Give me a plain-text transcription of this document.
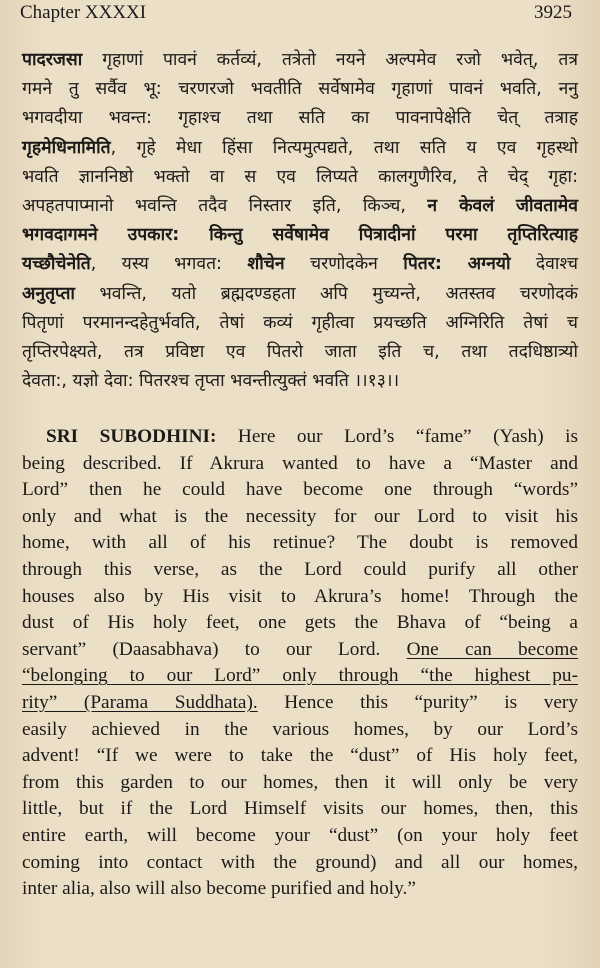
Chapter XXXXI	3925
पादरजसा गृहाणां पावनं कर्तव्यं, तत्रेतो नयने अल्पमेव रजो भवेत्, तत्र
गमने तु सर्वैव भू: चरणरजो भवतीति सर्वेषामेव गृहाणां पावनं भवति, ननु
भगवदीया भवन्त: गृहाश्च तथा सति का पावनापेक्षेति चेत् तत्राह
गृहमेधिनामिति, गृहे मेधा हिंसा नित्यमुत्पद्यते, तथा सति य एव गृहस्थो
भवति ज्ञाननिष्ठो भक्तो वा स एव लिप्यते कालगुणैरिव, ते चेद् गृहा:
अपहतपाप्मानो भवन्ति तदैव निस्तार इति, किञ्च, न केवलं जीवतामेव
भगवदागमने उपकार: किन्तु सर्वेषामेव पित्रादीनां परमा तृप्तिरित्याह
यच्छौचेनेति, यस्य भगवत: शौचेन चरणोदकेन पितर: अग्नयो देवाश्च
अनुतृप्ता भवन्ति, यतो ब्रह्मदण्डहता अपि मुच्यन्ते, अतस्तव चरणोदकं
पितृणां परमानन्दहेतुर्भवति, तेषां कव्यं गृहीत्वा प्रयच्छति अग्निरिति तेषां च
तृप्तिरपेक्ष्यते, तत्र प्रविष्टा एव पितरो जाता इति च, तथा तदधिष्ठात्र्यो
देवता:, यज्ञो देवा: पितरश्च तृप्ता भवन्तीत्युक्तं भवति ।।१३।।
SRI SUBODHINI: Here our Lord’s “fame” (Yash) is
being described. If Akrura wanted to have a “Master and
Lord” then he could have become one through “words”
only and what is the necessity for our Lord to visit his
home, with all of his retinue? The doubt is removed
through this verse, as the Lord could purify all other
houses also by His visit to Akrura’s home! Through the
dust of His holy feet, one gets the Bhava of “being a
servant” (Daasabhava) to our Lord. One can become
“belonging to our Lord” only through “the highest pu-
rity” (Parama Suddhata). Hence this “purity” is very
easily achieved in the various homes, by our Lord’s
advent! “If we were to take the “dust” of His holy feet,
from this garden to our homes, then it will only be very
little, but if the Lord Himself visits our homes, then, this
entire earth, will become your “dust” (on your holy feet
coming into contact with the ground) and all our homes,
inter alia, also will also become purified and holy.”
